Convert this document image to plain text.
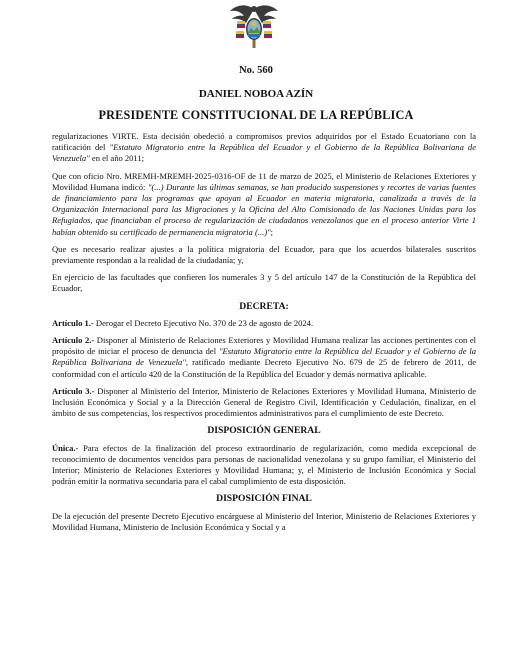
No. 560
DANIEL NOBOA AZÍN
PRESIDENTE CONSTITUCIONAL DE LA REPÚBLICA

regularizaciones VIRTE. Esta decisión obedeció a compromisos previos adquiridos por el Estado Ecuatoriano con la ratificación del "Estatuto Migratorio entre la República del Ecuador y el Gobierno de la República Bolivariana de Venezuela" en el año 2011;

Que con oficio Nro. MREMH-MREMH-2025-0316-OF de 11 de marzo de 2025, el Ministerio de Relaciones Exteriores y Movilidad Humana indicó: "(...) Durante las últimas semanas, se han producido suspensiones y recortes de varias fuentes de financiamiento para los programas que apoyan al Ecuador en materia migratoria, canalizada a través de la Organización Internacional para las Migraciones y la Oficina del Alto Comisionado de las Naciones Unidas para los Refugiados, que financiaban el proceso de regularización de ciudadanos venezolanos que en el proceso anterior Virte 1 habían obtenido su certificado de permanencia migratoria (...)";

Que es necesario realizar ajustes a la política migratoria del Ecuador, para que los acuerdos bilaterales suscritos previamente respondan a la realidad de la ciudadanía; y,

En ejercicio de las facultades que confieren los numerales 3 y 5 del artículo 147 de la Constitución de la República del Ecuador,

DECRETA:

Artículo 1.- Derogar el Decreto Ejecutivo No. 370 de 23 de agosto de 2024.

Artículo 2.- Disponer al Ministerio de Relaciones Exteriores y Movilidad Humana realizar las acciones pertinentes con el propósito de iniciar el proceso de denuncia del "Estatuto Migratorio entre la República del Ecuador y el Gobierno de la República Bolivariana de Venezuela", ratificado mediante Decreto Ejecutivo No. 679 de 25 de febrero de 2011, de conformidad con el artículo 420 de la Constitución de la República del Ecuador y demás normativa aplicable.

Artículo 3.- Disponer al Ministerio del Interior, Ministerio de Relaciones Exteriores y Movilidad Humana, Ministerio de Inclusión Económica y Social y a la Dirección General de Registro Civil, Identificación y Cedulación, finalizar, en el ámbito de sus competencias, los respectivos procedimientos administrativos para el cumplimiento de este Decreto.

DISPOSICIÓN GENERAL

Única.- Para efectos de la finalización del proceso extraordinario de regularización, como medida excepcional de reconocimiento de documentos vencidos para personas de nacionalidad venezolana y su grupo familiar, el Ministerio del Interior; Ministerio de Relaciones Exteriores y Movilidad Humana; y, el Ministerio de Inclusión Económica y Social podrán emitir la normativa secundaria para el cabal cumplimiento de esta disposición.

DISPOSICIÓN FINAL

De la ejecución del presente Decreto Ejecutivo encárguese al Ministerio del Interior, Ministerio de Relaciones Exteriores y Movilidad Humana, Ministerio de Inclusión Económica y Social y a
